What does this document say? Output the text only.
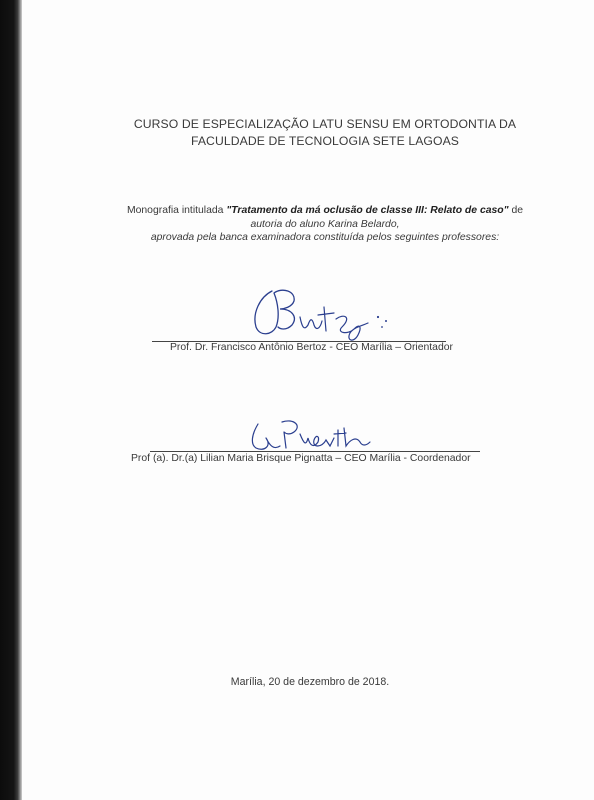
CURSO DE ESPECIALIZAÇÃO LATU SENSU EM ORTODONTIA DA
FACULDADE DE TECNOLOGIA SETE LAGOAS
Monografia intitulada "Tratamento da má oclusão de classe III: Relato de caso" de
autoria do aluno Karina Belardo,
aprovada pela banca examinadora constituída pelos seguintes professores:
Prof. Dr. Francisco Antônio Bertoz - CEO Marília – Orientador
Prof (a). Dr.(a) Lilian Maria Brisque Pignatta – CEO Marília - Coordenador
Marília, 20 de dezembro de 2018.
